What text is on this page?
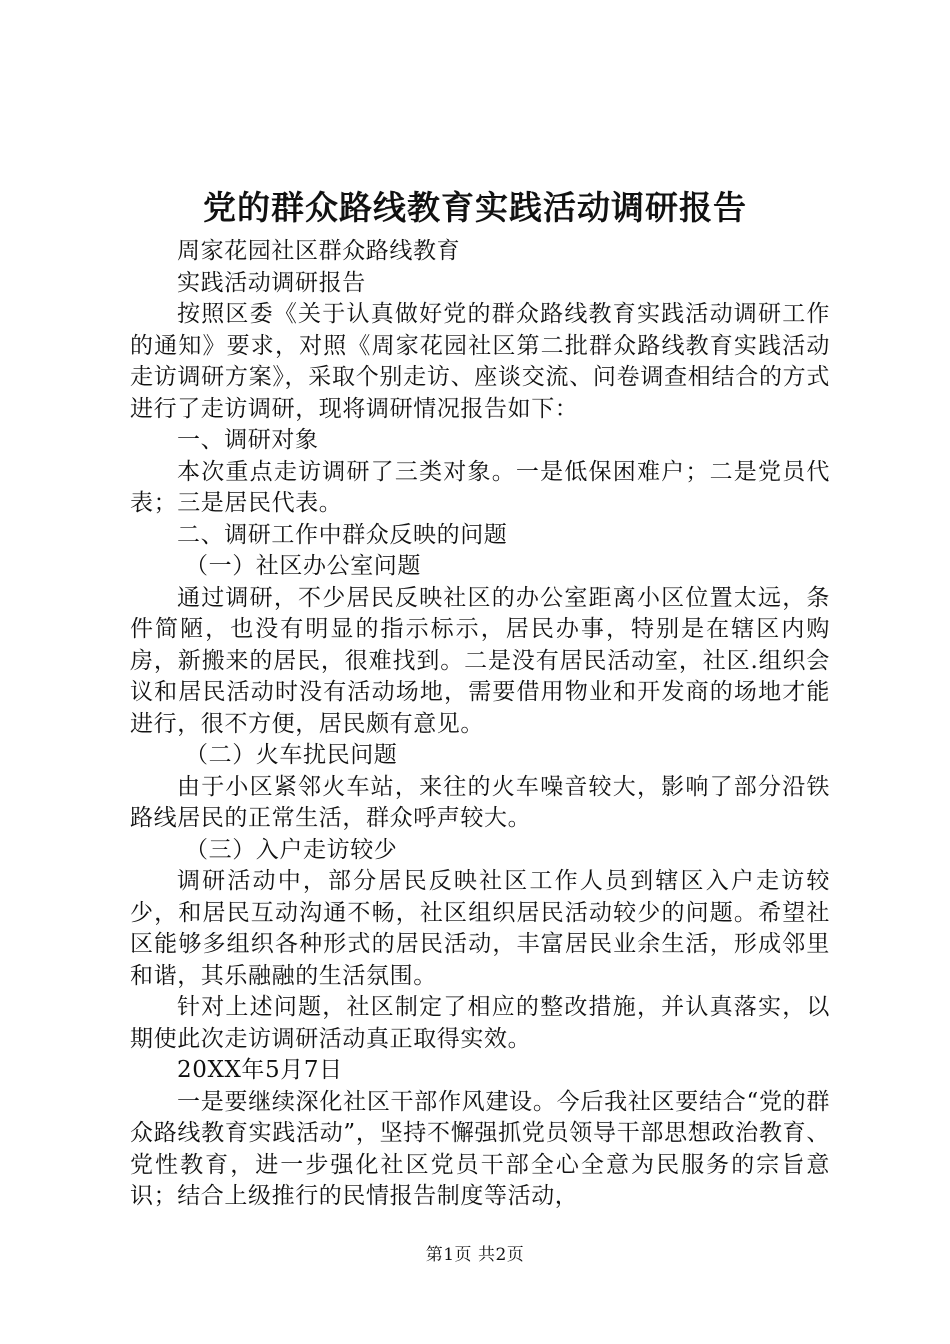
党的群众路线教育实践活动调研报告

周家花园社区群众路线教育

实践活动调研报告

按照区委《关于认真做好党的群众路线教育实践活动调研工作的通知》要求，对照《周家花园社区第二批群众路线教育实践活动走访调研方案》，采取个别走访、座谈交流、问卷调查相结合的方式进行了走访调研，现将调研情况报告如下：

一、调研对象

本次重点走访调研了三类对象。一是低保困难户；二是党员代表；三是居民代表。

二、调研工作中群众反映的问题

（一）社区办公室问题

通过调研，不少居民反映社区的办公室距离小区位置太远，条件简陋，也没有明显的指示标示，居民办事，特别是在辖区内购房，新搬来的居民，很难找到。二是没有居民活动室，社区.组织会议和居民活动时没有活动场地，需要借用物业和开发商的场地才能进行，很不方便，居民颇有意见。

（二）火车扰民问题

由于小区紧邻火车站，来往的火车噪音较大，影响了部分沿铁路线居民的正常生活，群众呼声较大。

（三）入户走访较少

调研活动中，部分居民反映社区工作人员到辖区入户走访较少，和居民互动沟通不畅，社区组织居民活动较少的问题。希望社区能够多组织各种形式的居民活动，丰富居民业余生活，形成邻里和谐，其乐融融的生活氛围。

针对上述问题，社区制定了相应的整改措施，并认真落实，以期使此次走访调研活动真正取得实效。

20XX年5月7日

一是要继续深化社区干部作风建设。今后我社区要结合“党的群众路线教育实践活动”，坚持不懈强抓党员领导干部思想政治教育、党性教育，进一步强化社区党员干部全心全意为民服务的宗旨意识；结合上级推行的民情报告制度等活动，

第1页 共2页
